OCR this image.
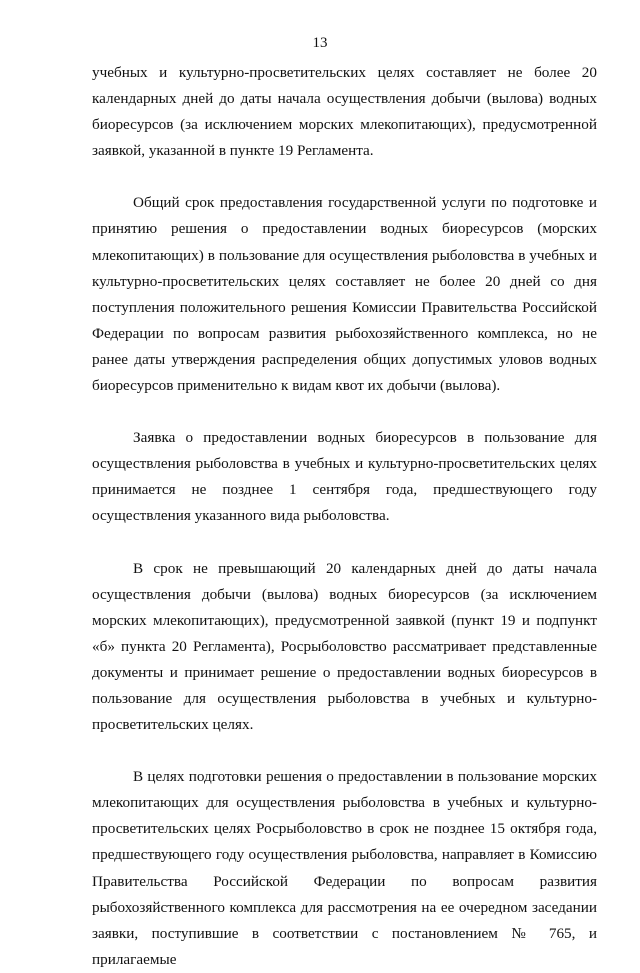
13

учебных и культурно-просветительских целях составляет не более 20 календарных дней до даты начала осуществления добычи (вылова) водных биоресурсов (за исключением морских млекопитающих), предусмотренной заявкой, указанной в пункте 19 Регламента.

Общий срок предоставления государственной услуги по подготовке и принятию решения о предоставлении водных биоресурсов (морских млекопитающих) в пользование для осуществления рыболовства в учебных и культурно-просветительских целях составляет не более 20 дней со дня поступления положительного решения Комиссии Правительства Российской Федерации по вопросам развития рыбохозяйственного комплекса, но не ранее даты утверждения распределения общих допустимых уловов водных биоресурсов применительно к видам квот их добычи (вылова).

Заявка о предоставлении водных биоресурсов в пользование для осуществления рыболовства в учебных и культурно-просветительских целях принимается не позднее 1 сентября года, предшествующего году осуществления указанного вида рыболовства.

В срок не превышающий 20 календарных дней до даты начала осуществления добычи (вылова) водных биоресурсов (за исключением морских млекопитающих), предусмотренной заявкой (пункт 19 и подпункт «б» пункта 20 Регламента), Росрыболовство рассматривает представленные документы и принимает решение о предоставлении водных биоресурсов в пользование для осуществления рыболовства в учебных и культурно-просветительских целях.

В целях подготовки решения о предоставлении в пользование морских млекопитающих для осуществления рыболовства в учебных и культурно-просветительских целях Росрыболовство в срок не позднее 15 октября года, предшествующего году осуществления рыболовства, направляет в Комиссию Правительства Российской Федерации по вопросам развития рыбохозяйственного комплекса для рассмотрения на ее очередном заседании заявки, поступившие в соответствии с постановлением № 765, и прилагаемые
